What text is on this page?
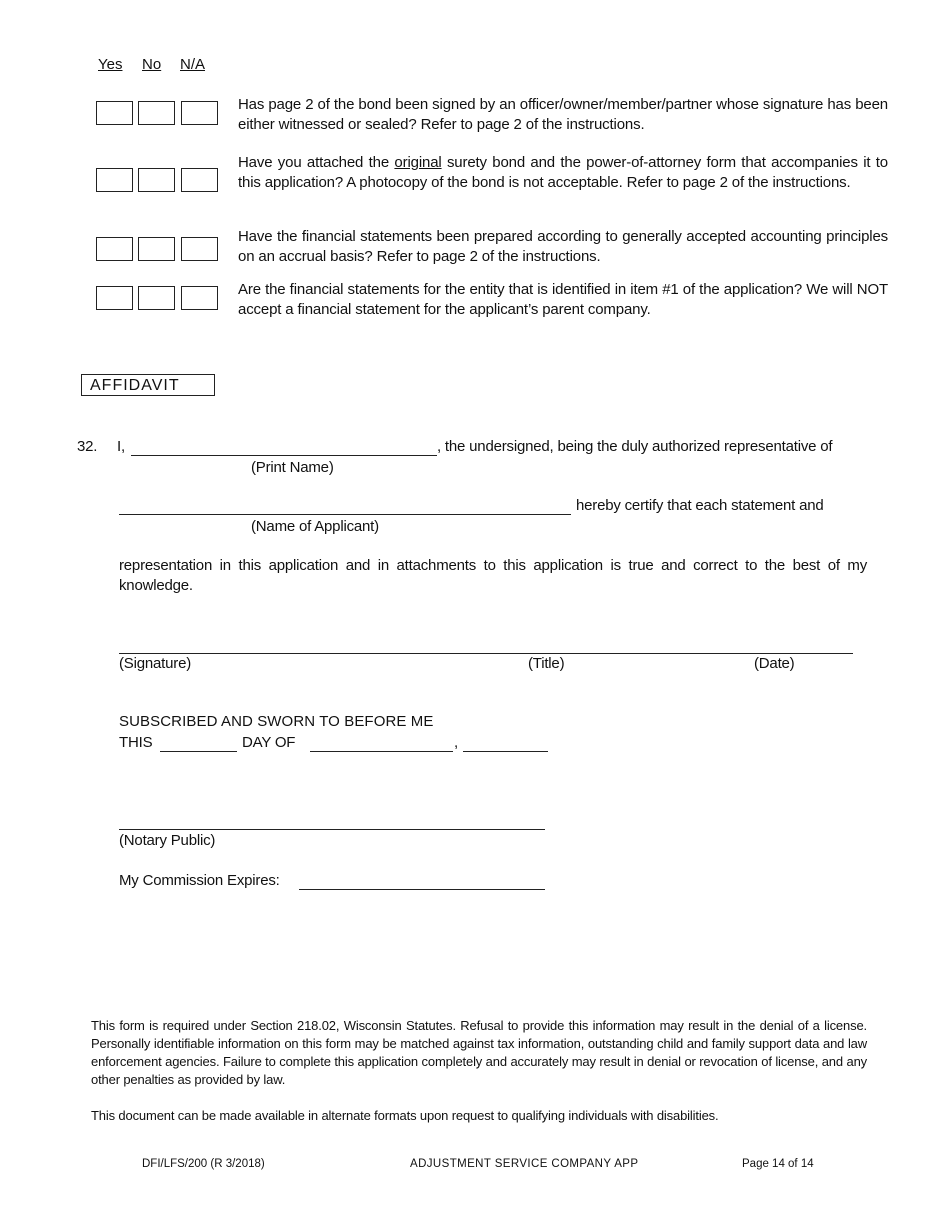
Yes No N/A
Has page 2 of the bond been signed by an officer/owner/member/partner whose signature has been either witnessed or sealed? Refer to page 2 of the instructions.
Have you attached the original surety bond and the power-of-attorney form that accompanies it to this application? A photocopy of the bond is not acceptable. Refer to page 2 of the instructions.
Have the financial statements been prepared according to generally accepted accounting principles on an accrual basis? Refer to page 2 of the instructions.
Are the financial statements for the entity that is identified in item #1 of the application? We will NOT accept a financial statement for the applicant’s parent company.
AFFIDAVIT
32. I,	, the undersigned, being the duly authorized representative of
(Print Name)
hereby certify that each statement and
(Name of Applicant)
representation in this application and in attachments to this application is true and correct to the best of my knowledge.
(Signature)	(Title)	(Date)
SUBSCRIBED AND SWORN TO BEFORE ME
THIS	DAY OF	,
(Notary Public)
My Commission Expires:
This form is required under Section 218.02, Wisconsin Statutes. Refusal to provide this information may result in the denial of a license. Personally identifiable information on this form may be matched against tax information, outstanding child and family support data and law enforcement agencies. Failure to complete this application completely and accurately may result in denial or revocation of license, and any other penalties as provided by law.
This document can be made available in alternate formats upon request to qualifying individuals with disabilities.
DFI/LFS/200 (R 3/2018)	ADJUSTMENT SERVICE COMPANY APP	Page 14 of 14
